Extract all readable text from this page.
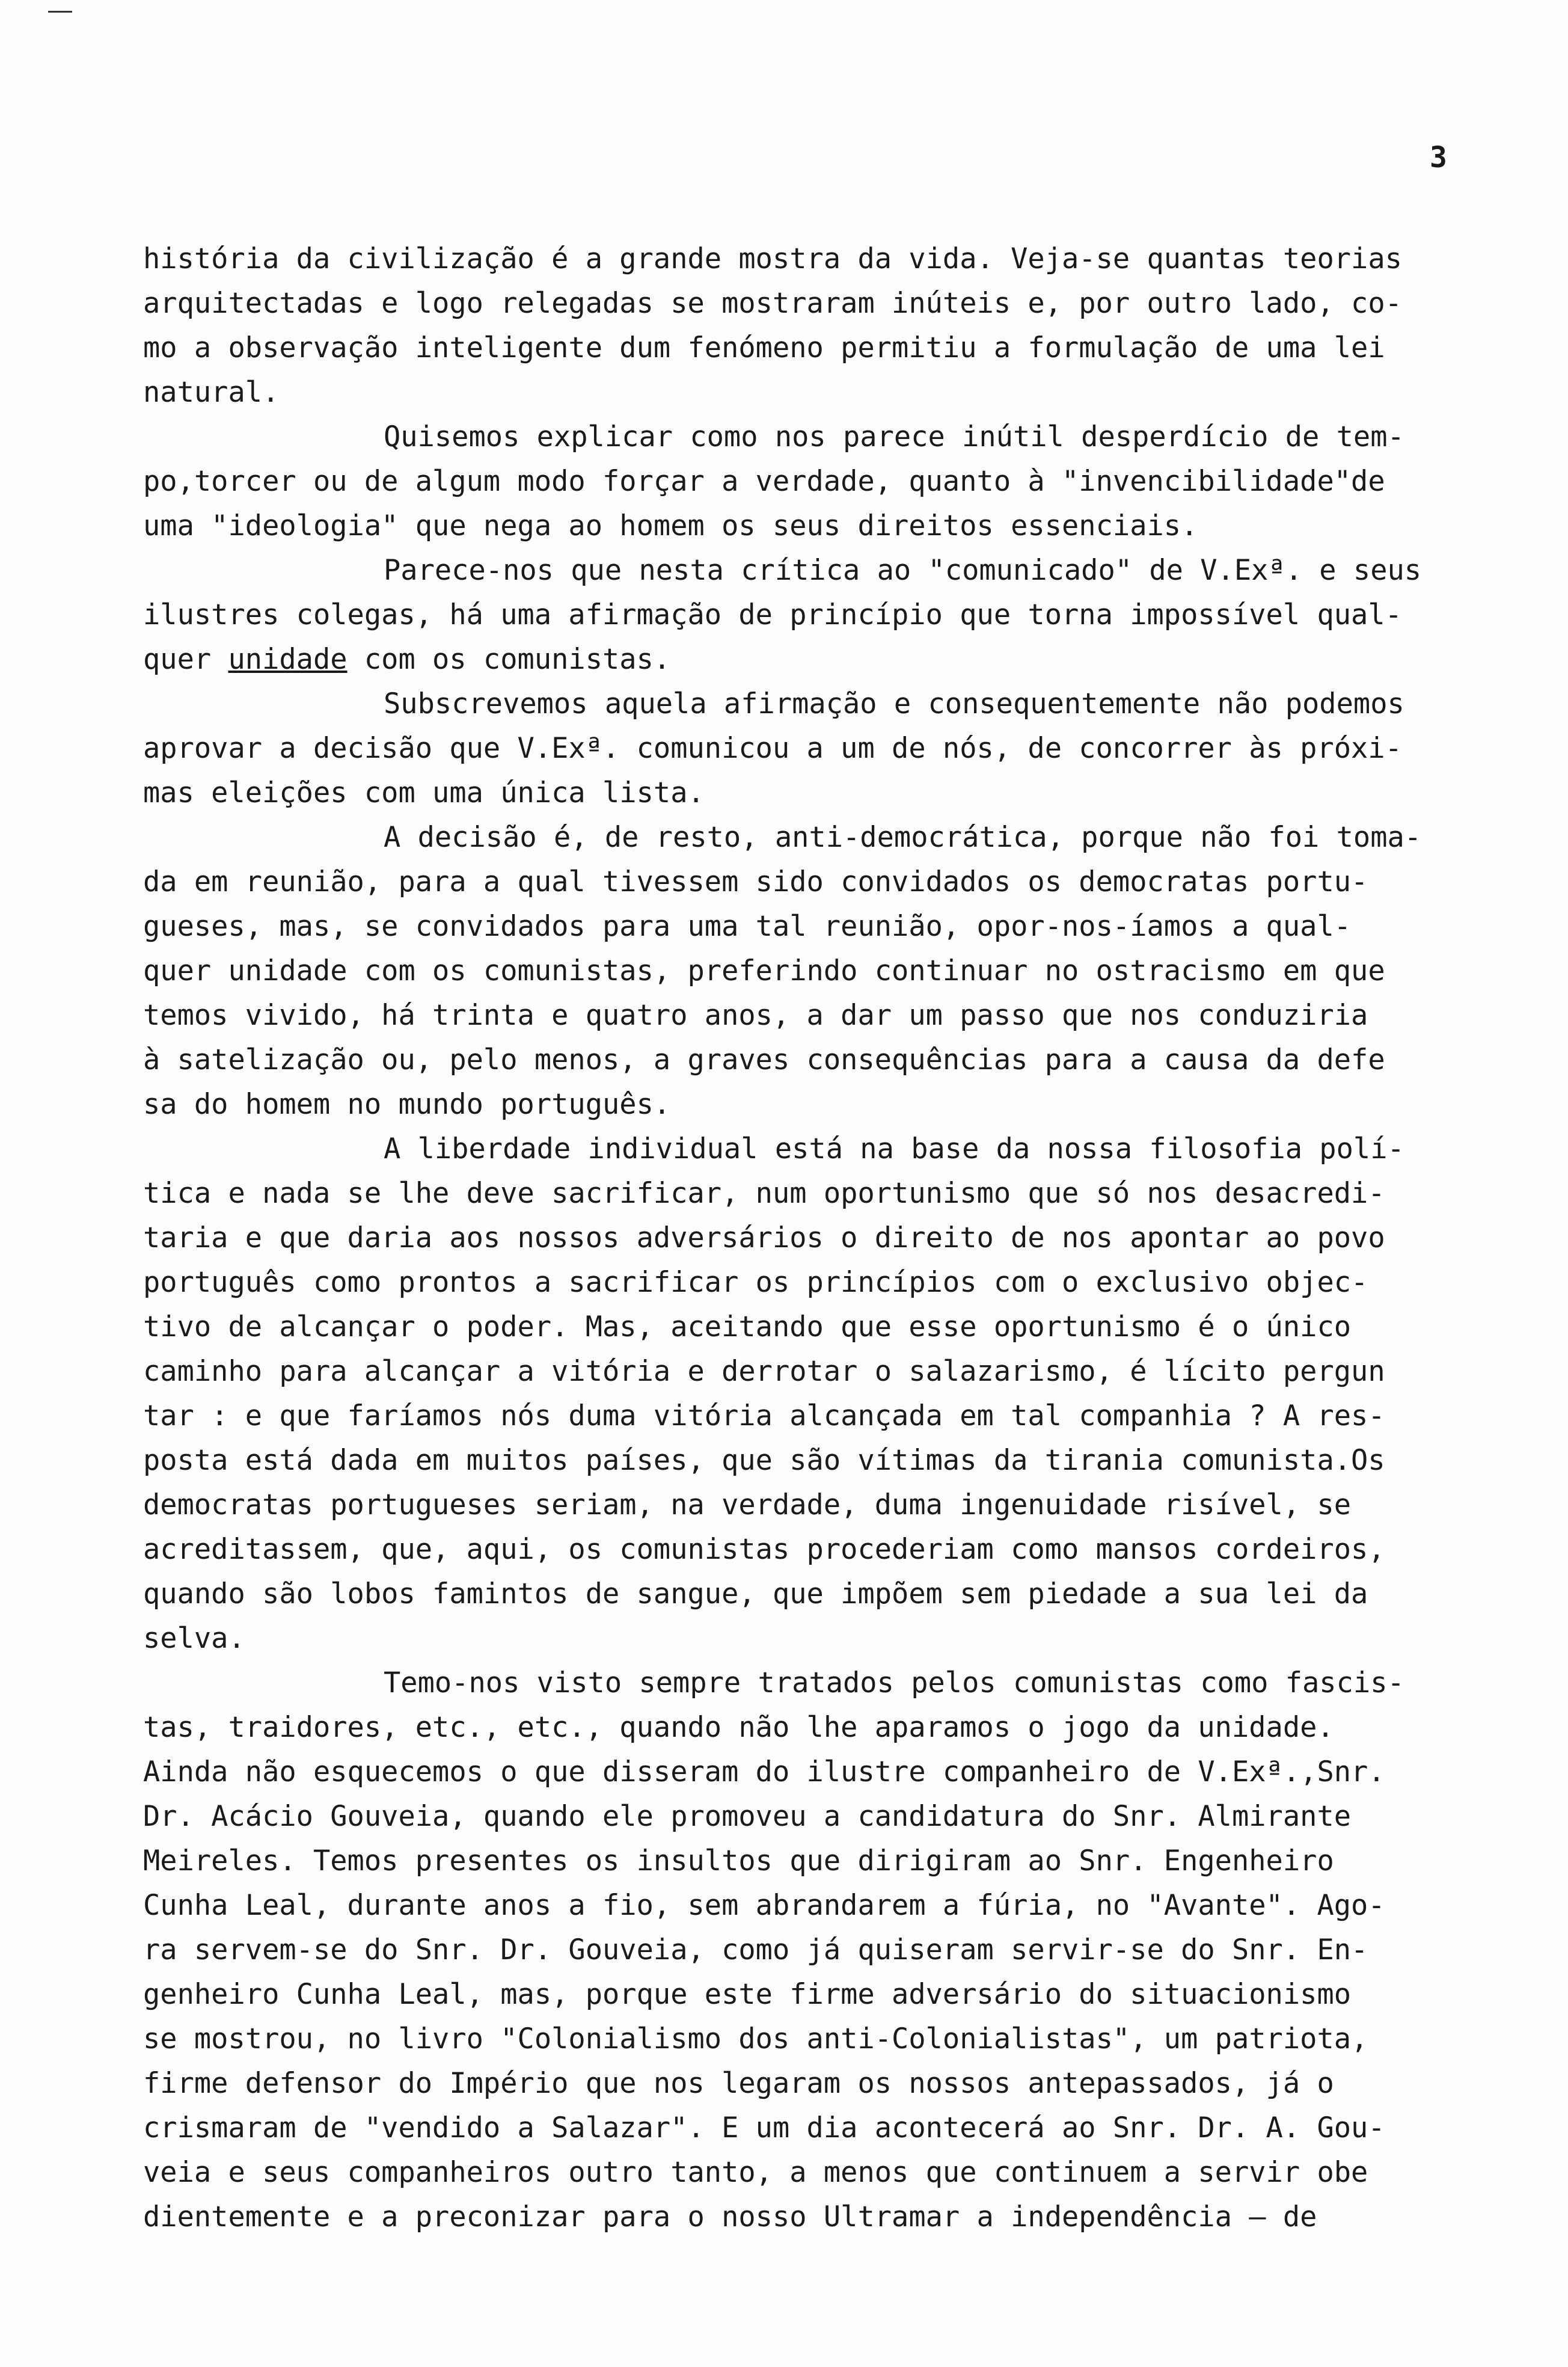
3
história da civilização é a grande mostra da vida. Veja-se quantas teorias
arquitectadas e logo relegadas se mostraram inúteis e, por outro lado, co-
mo a observação inteligente dum fenómeno permitiu a formulação de uma lei
natural.
Quisemos explicar como nos parece inútil desperdício de tem-
po,torcer ou de algum modo forçar a verdade, quanto à "invencibilidade"de
uma "ideologia" que nega ao homem os seus direitos essenciais.
Parece-nos que nesta crítica ao "comunicado" de V.Exª. e seus
ilustres colegas, há uma afirmação de princípio que torna impossível qual-
quer unidade com os comunistas.
Subscrevemos aquela afirmação e consequentemente não podemos
aprovar a decisão que V.Exª. comunicou a um de nós, de concorrer às próxi-
mas eleições com uma única lista.
A decisão é, de resto, anti-democrática, porque não foi toma-
da em reunião, para a qual tivessem sido convidados os democratas portu-
gueses, mas, se convidados para uma tal reunião, opor-nos-íamos a qual-
quer unidade com os comunistas, preferindo continuar no ostracismo em que
temos vivido, há trinta e quatro anos, a dar um passo que nos conduziria
à satelização ou, pelo menos, a graves consequências para a causa da defe
sa do homem no mundo português.
A liberdade individual está na base da nossa filosofia polí-
tica e nada se lhe deve sacrificar, num oportunismo que só nos desacredi-
taria e que daria aos nossos adversários o direito de nos apontar ao povo
português como prontos a sacrificar os princípios com o exclusivo objec-
tivo de alcançar o poder. Mas, aceitando que esse oportunismo é o único
caminho para alcançar a vitória e derrotar o salazarismo, é lícito pergun
tar : e que faríamos nós duma vitória alcançada em tal companhia ? A res-
posta está dada em muitos países, que são vítimas da tirania comunista.Os
democratas portugueses seriam, na verdade, duma ingenuidade risível, se
acreditassem, que, aqui, os comunistas procederiam como mansos cordeiros,
quando são lobos famintos de sangue, que impõem sem piedade a sua lei da
selva.
Temo-nos visto sempre tratados pelos comunistas como fascis-
tas, traidores, etc., etc., quando não lhe aparamos o jogo da unidade.
Ainda não esquecemos o que disseram do ilustre companheiro de V.Exª.,Snr.
Dr. Acácio Gouveia, quando ele promoveu a candidatura do Snr. Almirante
Meireles. Temos presentes os insultos que dirigiram ao Snr. Engenheiro
Cunha Leal, durante anos a fio, sem abrandarem a fúria, no "Avante". Ago-
ra servem-se do Snr. Dr. Gouveia, como já quiseram servir-se do Snr. En-
genheiro Cunha Leal, mas, porque este firme adversário do situacionismo
se mostrou, no livro "Colonialismo dos anti-Colonialistas", um patriota,
firme defensor do Império que nos legaram os nossos antepassados, já o
crismaram de "vendido a Salazar". E um dia acontecerá ao Snr. Dr. A. Gou-
veia e seus companheiros outro tanto, a menos que continuem a servir obe
dientemente e a preconizar para o nosso Ultramar a independência — de
